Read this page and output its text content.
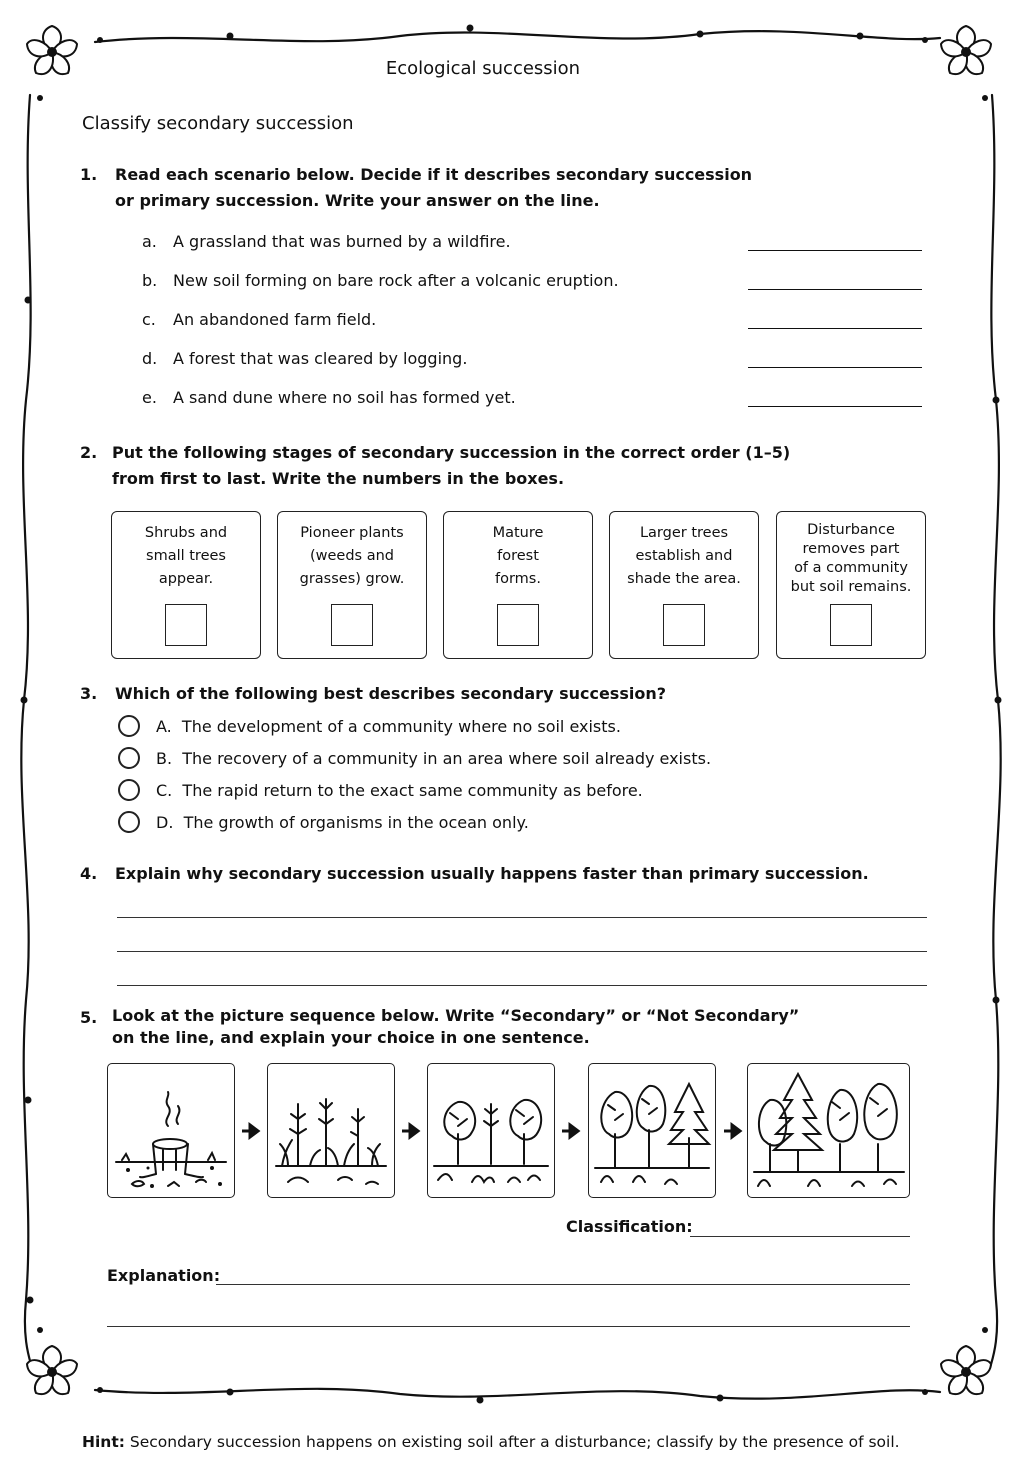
Ecological succession
Classify secondary succession
1. Read each scenario below. Decide if it describes secondary succession
or primary succession. Write your answer on the line.
a. A grassland that was burned by a wildfire.
b. New soil forming on bare rock after a volcanic eruption.
c. An abandoned farm field.
d. A forest that was cleared by logging.
e. A sand dune where no soil has formed yet.
2. Put the following stages of secondary succession in the correct order (1–5)
from first to last. Write the numbers in the boxes.
Shrubs and
small trees
appear.
Pioneer plants
(weeds and
grasses) grow.
Mature
forest
forms.
Larger trees
establish and
shade the area.
Disturbance
removes part
of a community
but soil remains.
3. Which of the following best describes secondary succession?
A.  The development of a community where no soil exists.
B.  The recovery of a community in an area where soil already exists.
C.  The rapid return to the exact same community as before.
D.  The growth of organisms in the ocean only.
4. Explain why secondary succession usually happens faster than primary succession.
5. Look at the picture sequence below. Write “Secondary” or “Not Secondary”
on the line, and explain your choice in one sentence.
Classification:
Explanation:
Hint: Secondary succession happens on existing soil after a disturbance; classify by the presence of soil.
